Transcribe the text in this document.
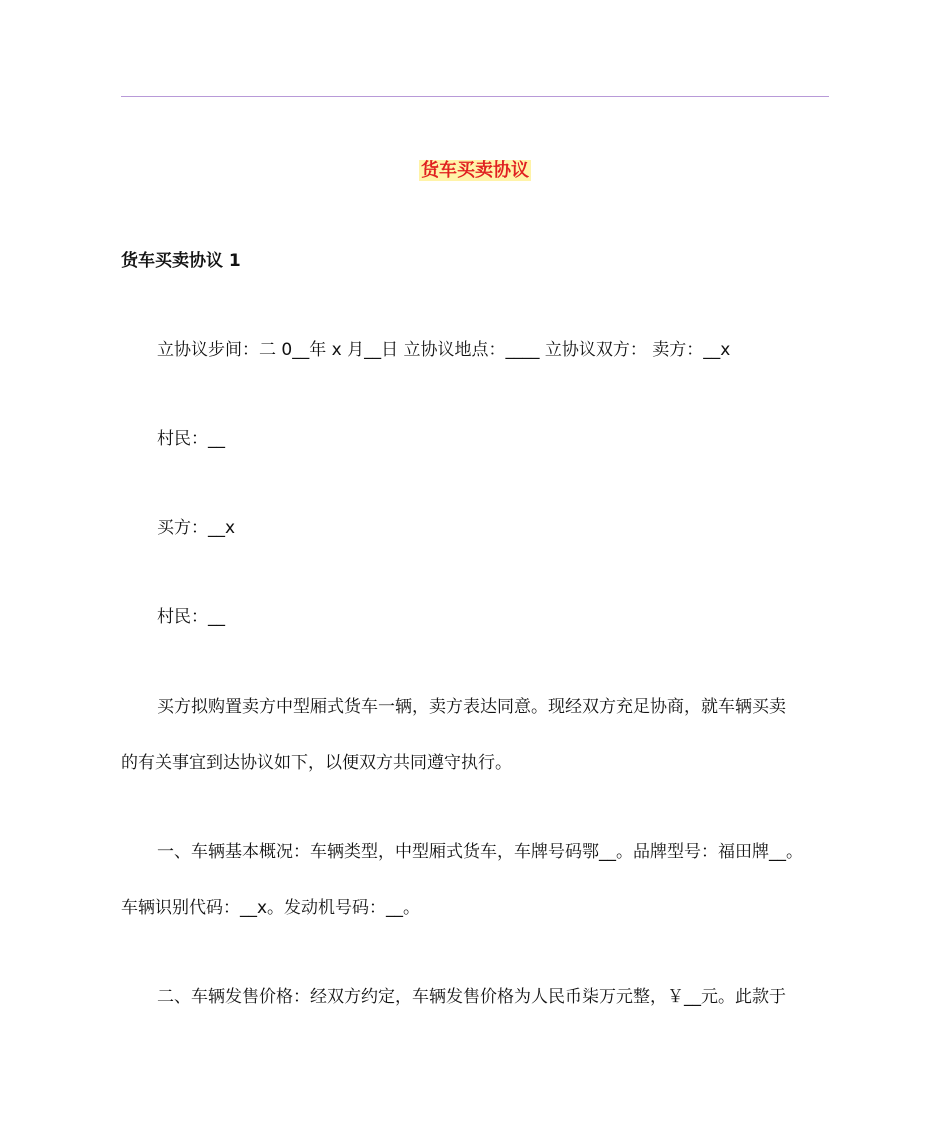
货车买卖协议
货车买卖协议 1
立协议步间：二 0__年 x 月__日 立协议地点：____ 立协议双方： 卖方：__x
村民：__
买方：__x
村民：__
买方拟购置卖方中型厢式货车一辆，卖方表达同意。现经双方充足协商，就车辆买卖
的有关事宜到达协议如下，以便双方共同遵守执行。
一、车辆基本概况：车辆类型，中型厢式货车，车牌号码鄂__。品牌型号：福田牌__。
车辆识别代码：__x。发动机号码：__。
二、车辆发售价格：经双方约定，车辆发售价格为人民币柒万元整，￥__元。此款于
